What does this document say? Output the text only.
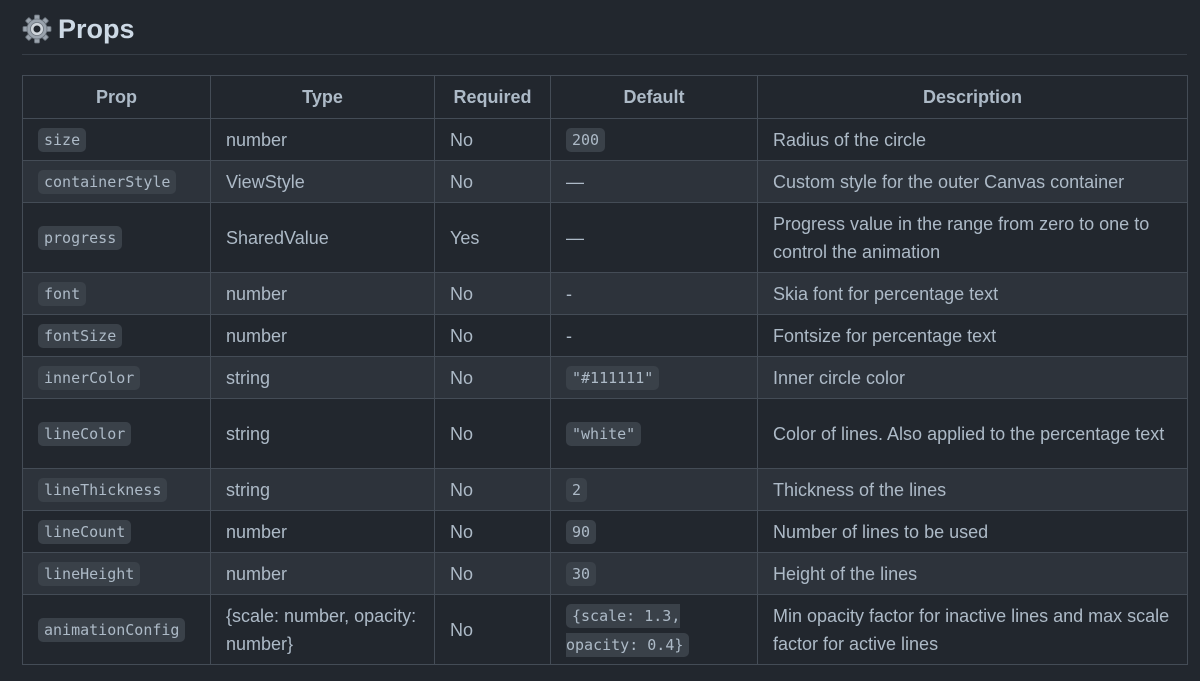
Props
Prop	Type	Required	Default	Description
size	number	No	200	Radius of the circle
containerStyle	ViewStyle	No	—	Custom style for the outer Canvas container
progress	SharedValue	Yes	—	Progress value in the range from zero to one to control the animation
font	number	No	-	Skia font for percentage text
fontSize	number	No	-	Fontsize for percentage text
innerColor	string	No	"#111111"	Inner circle color
lineColor	string	No	"white"	Color of lines. Also applied to the percentage text
lineThickness	string	No	2	Thickness of the lines
lineCount	number	No	90	Number of lines to be used
lineHeight	number	No	30	Height of the lines
animationConfig	{scale: number, opacity: number}	No	{scale: 1.3, opacity: 0.4}	Min opacity factor for inactive lines and max scale factor for active lines
